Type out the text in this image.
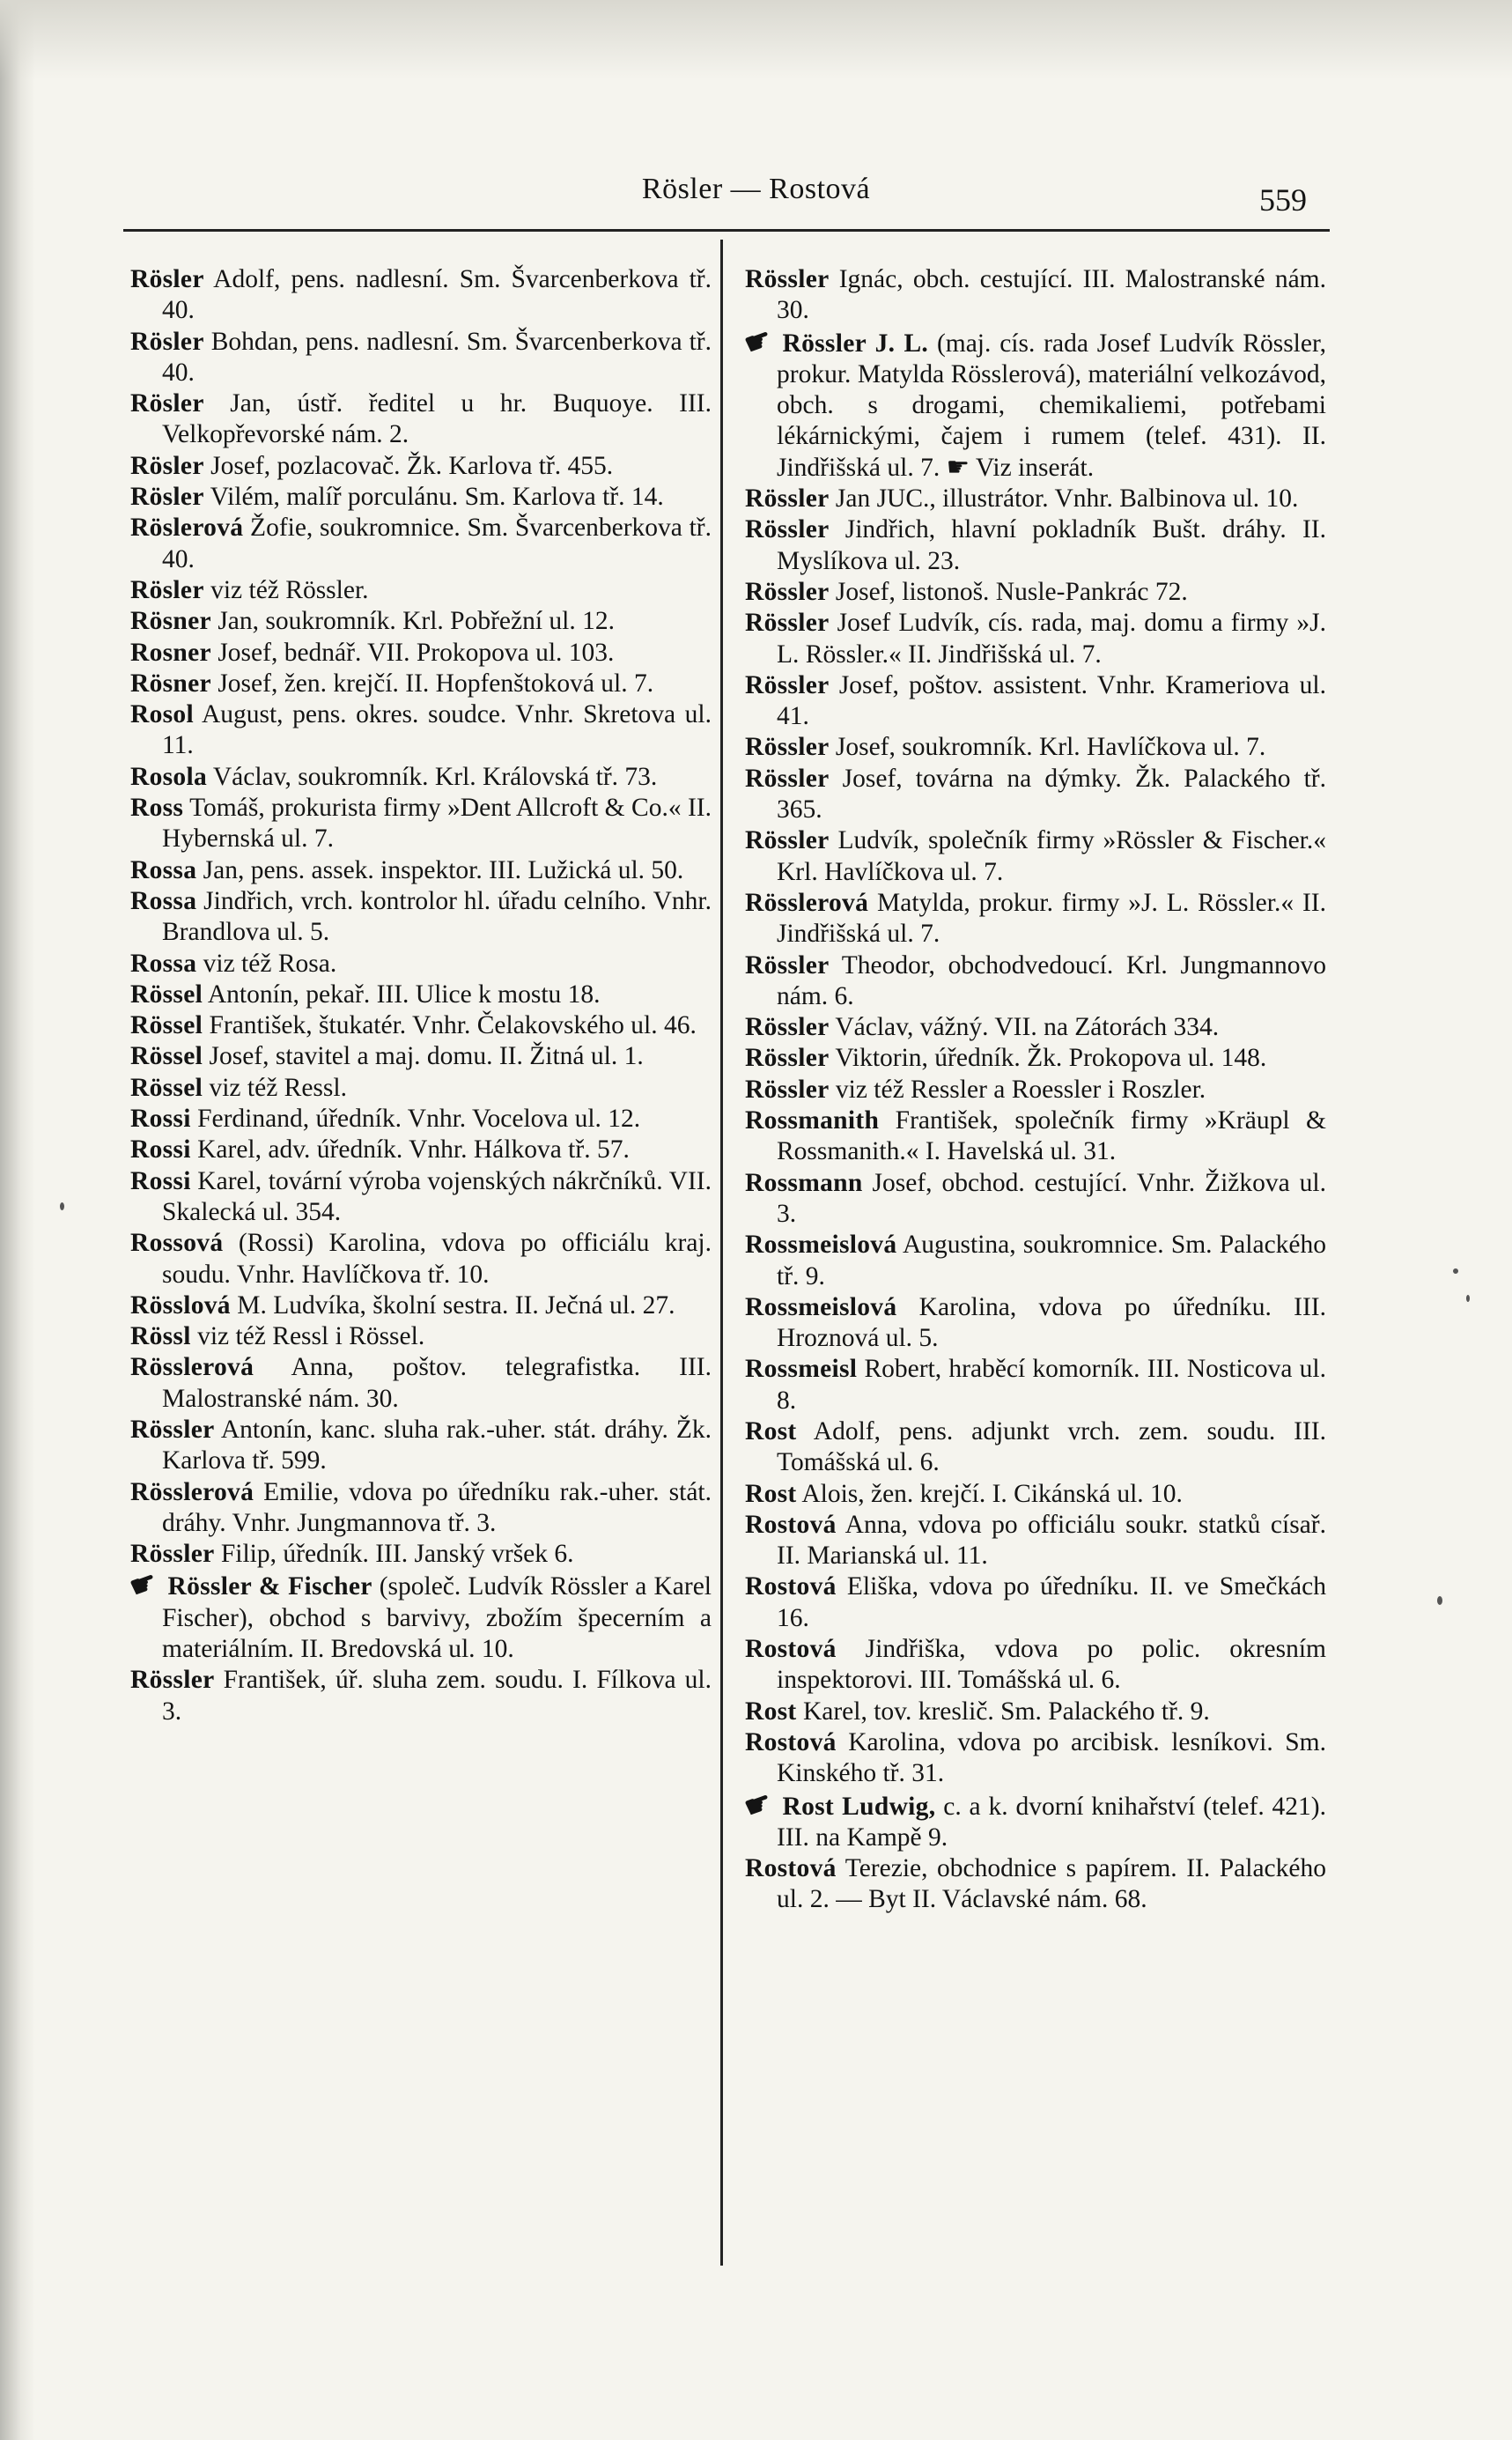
Rösler — Rostová	559
Rösler Adolf, pens. nadlesní. Sm. Švarcenberkova tř. 40.
Rösler Bohdan, pens. nadlesní. Sm. Švarcenberkova tř. 40.
Rösler Jan, ústř. ředitel u hr. Buquoye. III. Velkopřevorské nám. 2.
Rösler Josef, pozlacovač. Žk. Karlova tř. 455.
Rösler Vilém, malíř porculánu. Sm. Karlova tř. 14.
Röslerová Žofie, soukromnice. Sm. Švarcenberkova tř. 40.
Rösler viz též Rössler.
Rösner Jan, soukromník. Krl. Pobřežní ul. 12.
Rosner Josef, bednář. VII. Prokopova ul. 103.
Rösner Josef, žen. krejčí. II. Hopfenštoková ul. 7.
Rosol August, pens. okres. soudce. Vnhr. Skretova ul. 11.
Rosola Václav, soukromník. Krl. Královská tř. 73.
Ross Tomáš, prokurista firmy »Dent Allcroft & Co.« II. Hybernská ul. 7.
Rossa Jan, pens. assek. inspektor. III. Lužická ul. 50.
Rossa Jindřich, vrch. kontrolor hl. úřadu celního. Vnhr. Brandlova ul. 5.
Rossa viz též Rosa.
Rössel Antonín, pekař. III. Ulice k mostu 18.
Rössel František, štukatér. Vnhr. Čelakovského ul. 46.
Rössel Josef, stavitel a maj. domu. II. Žitná ul. 1.
Rössel viz též Ressl.
Rossi Ferdinand, úředník. Vnhr. Vocelova ul. 12.
Rossi Karel, adv. úředník. Vnhr. Hálkova tř. 57.
Rossi Karel, tovární výroba vojenských nákrčníků. VII. Skalecká ul. 354.
Rossová (Rossi) Karolina, vdova po officiálu kraj. soudu. Vnhr. Havlíčkova tř. 10.
Rösslová M. Ludvíka, školní sestra. II. Ječná ul. 27.
Rössl viz též Ressl i Rössel.
Rösslerová Anna, poštov. telegrafistka. III. Malostranské nám. 30.
Rössler Antonín, kanc. sluha rak.-uher. stát. dráhy. Žk. Karlova tř. 599.
Rösslerová Emilie, vdova po úředníku rak.-uher. stát. dráhy. Vnhr. Jungmannova tř. 3.
Rössler Filip, úředník. III. Janský vršek 6.
☛ Rössler & Fischer (společ. Ludvík Rössler a Karel Fischer), obchod s barvivy, zbožím špecerním a materiálním. II. Bredovská ul. 10.
Rössler František, úř. sluha zem. soudu. I. Fílkova ul. 3.
Rössler Ignác, obch. cestující. III. Malostranské nám. 30.
☛ Rössler J. L. (maj. cís. rada Josef Ludvík Rössler, prokur. Matylda Rösslerová), materiální velkozávod, obch. s drogami, chemikaliemi, potřebami lékárnickými, čajem i rumem (telef. 431). II. Jindřišská ul. 7. ☛ Viz inserát.
Rössler Jan JUC., illustrátor. Vnhr. Balbinova ul. 10.
Rössler Jindřich, hlavní pokladník Bušt. dráhy. II. Myslíkova ul. 23.
Rössler Josef, listonoš. Nusle-Pankrác 72.
Rössler Josef Ludvík, cís. rada, maj. domu a firmy »J. L. Rössler.« II. Jindřišská ul. 7.
Rössler Josef, poštov. assistent. Vnhr. Krameriova ul. 41.
Rössler Josef, soukromník. Krl. Havlíčkova ul. 7.
Rössler Josef, továrna na dýmky. Žk. Palackého tř. 365.
Rössler Ludvík, společník firmy »Rössler & Fischer.« Krl. Havlíčkova ul. 7.
Rösslerová Matylda, prokur. firmy »J. L. Rössler.« II. Jindřišská ul. 7.
Rössler Theodor, obchodvedoucí. Krl. Jungmannovo nám. 6.
Rössler Václav, vážný. VII. na Zátorách 334.
Rössler Viktorin, úředník. Žk. Prokopova ul. 148.
Rössler viz též Ressler a Roessler i Roszler.
Rossmanith František, společník firmy »Kräupl & Rossmanith.« I. Havelská ul. 31.
Rossmann Josef, obchod. cestující. Vnhr. Žižkova ul. 3.
Rossmeislová Augustina, soukromnice. Sm. Palackého tř. 9.
Rossmeislová Karolina, vdova po úředníku. III. Hroznová ul. 5.
Rossmeisl Robert, hraběcí komorník. III. Nosticova ul. 8.
Rost Adolf, pens. adjunkt vrch. zem. soudu. III. Tomášská ul. 6.
Rost Alois, žen. krejčí. I. Cikánská ul. 10.
Rostová Anna, vdova po officiálu soukr. statků císař. II. Marianská ul. 11.
Rostová Eliška, vdova po úředníku. II. ve Smečkách 16.
Rostová Jindřiška, vdova po polic. okresním inspektorovi. III. Tomášská ul. 6.
Rost Karel, tov. kreslič. Sm. Palackého tř. 9.
Rostová Karolina, vdova po arcibisk. lesníkovi. Sm. Kinského tř. 31.
☛ Rost Ludwig, c. a k. dvorní knihařství (telef. 421). III. na Kampě 9.
Rostová Terezie, obchodnice s papírem. II. Palackého ul. 2. — Byt II. Václavské nám. 68.
